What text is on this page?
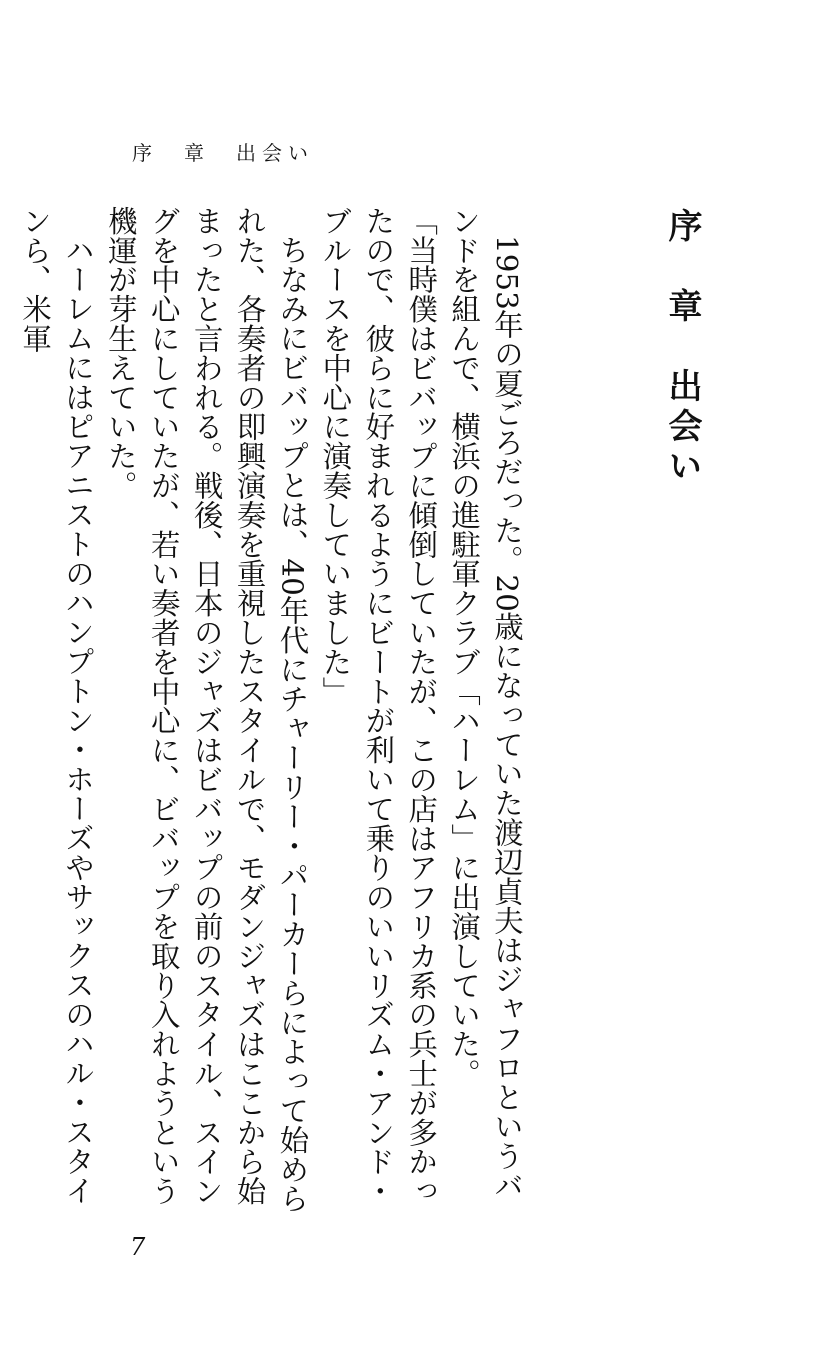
序　章　出会い
序　章　出会い

1953年の夏ごろだった。20歳になっていた渡辺貞夫はジャフロというバンドを組んで、横浜の進駐軍クラブ「ハーレム」に出演していた。

「当時僕はビバップに傾倒していたが、この店はアフリカ系の兵士が多かったので、彼らに好まれるようにビートが利いて乗りのいいリズム・アンド・ブルースを中心に演奏していました」

ちなみにビバップとは、40年代にチャーリー・パーカーらによって始められた、各奏者の即興演奏を重視したスタイルで、モダンジャズはここから始まったと言われる。戦後、日本のジャズはビバップの前のスタイル、スイングを中心にしていたが、若い奏者を中心に、ビバップを取り入れようという機運が芽生えていた。

ハーレムにはピアニストのハンプトン・ホーズやサックスのハル・スタインら、米軍

7
